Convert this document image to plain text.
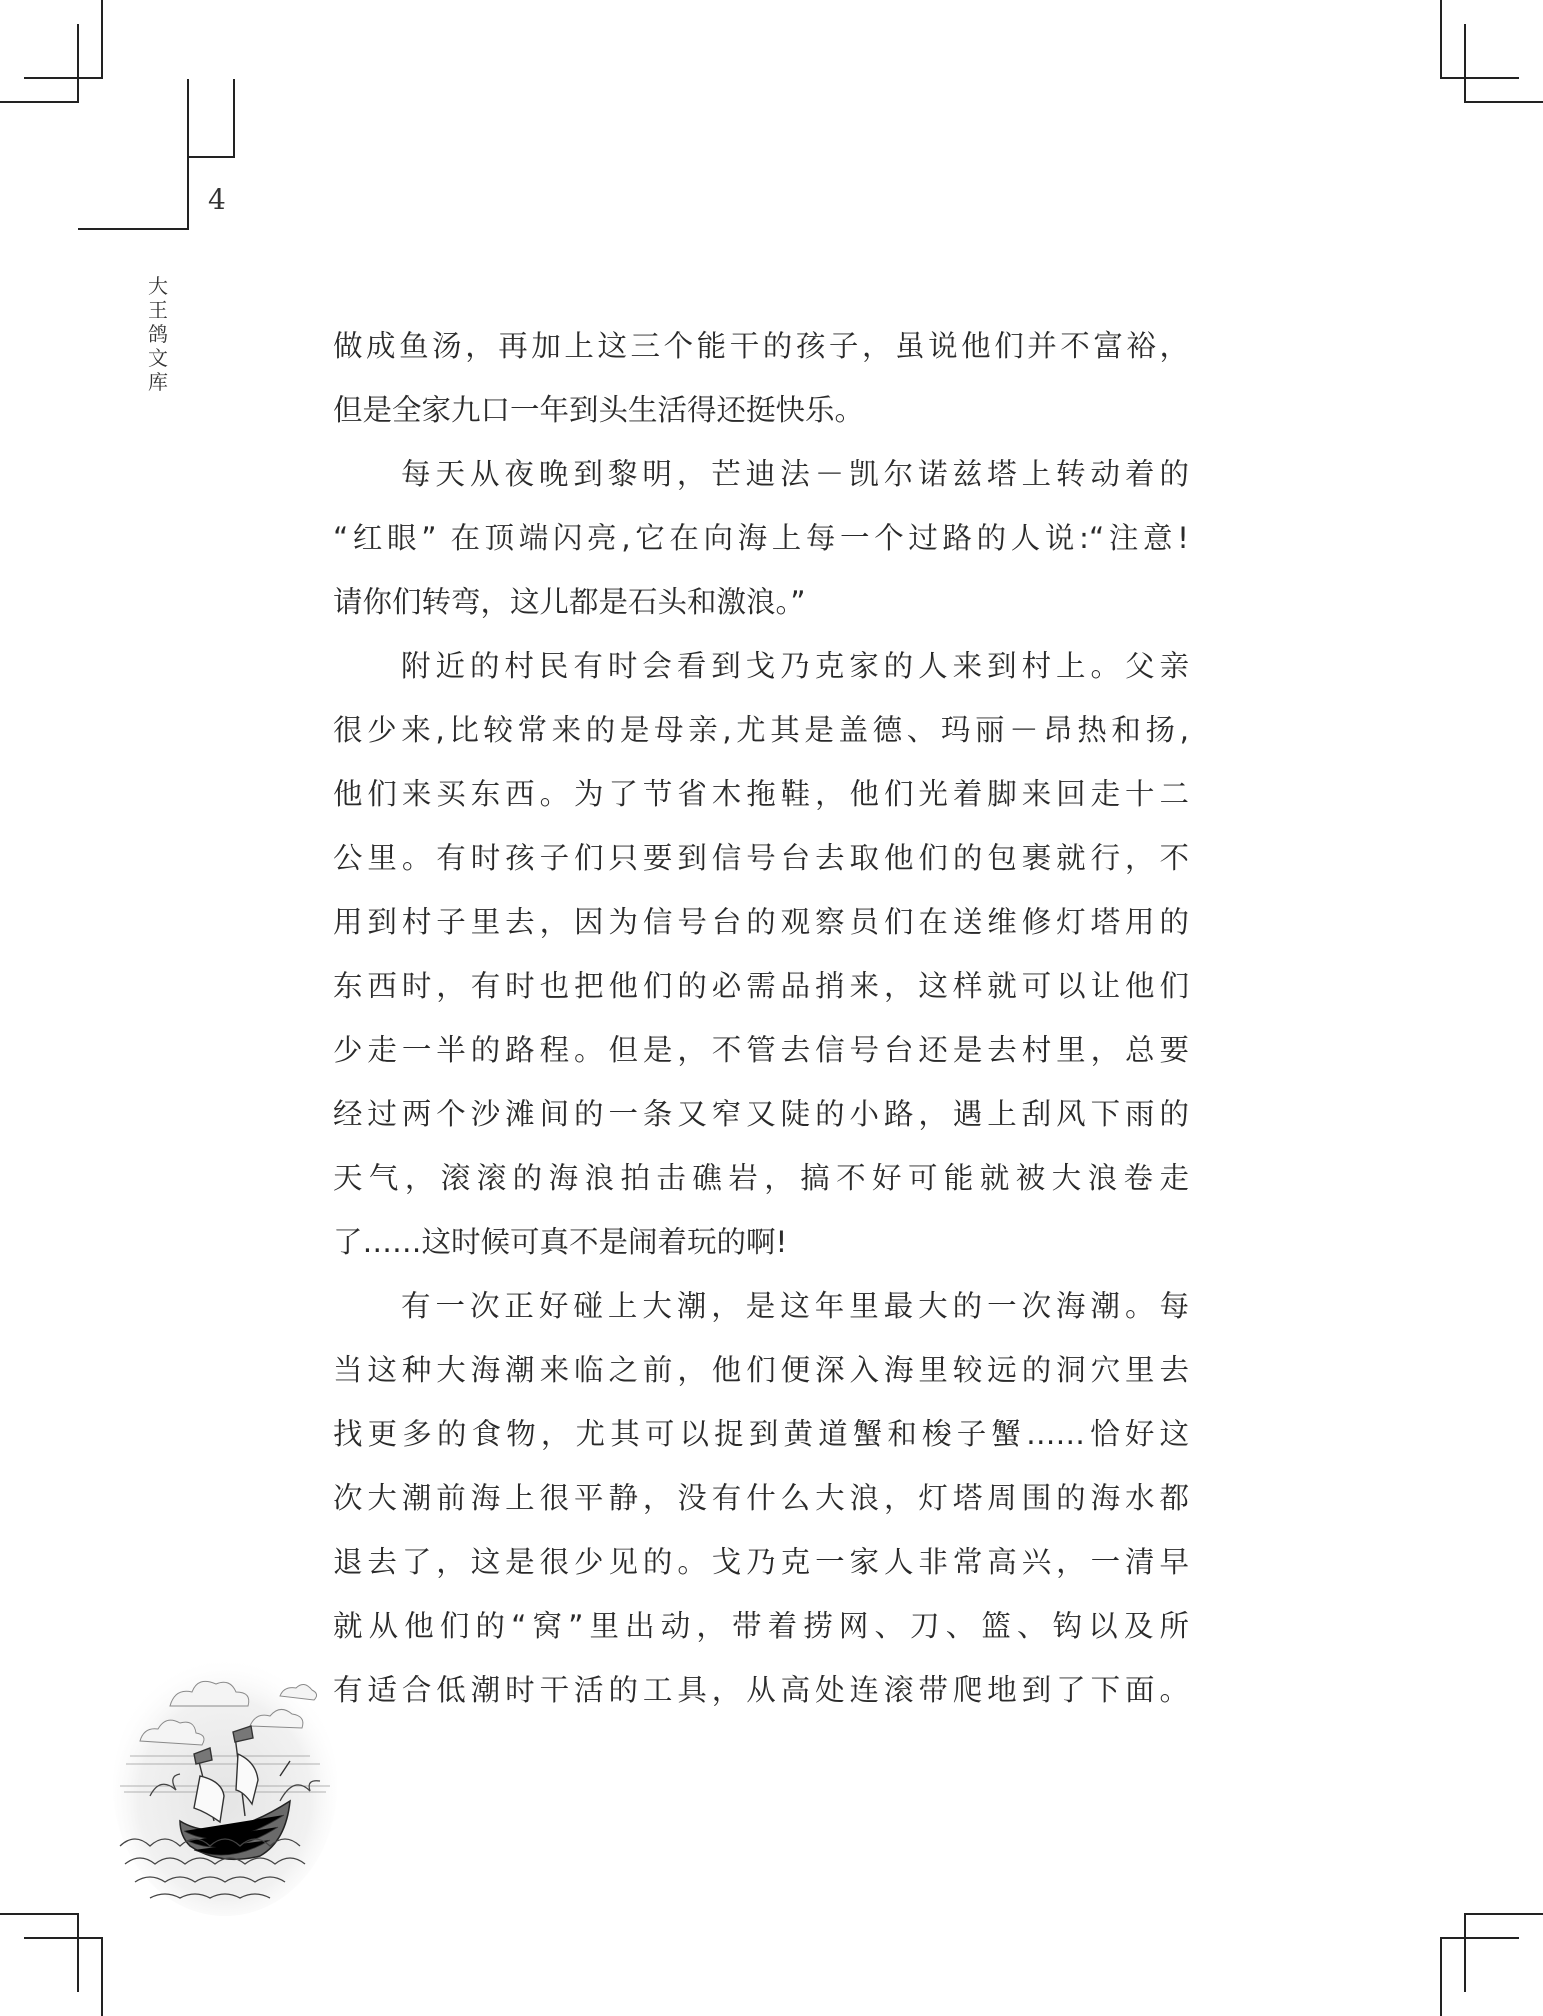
4
大
王
鸽
文
库
做成鱼汤，再加上这三个能干的孩子，虽说他们并不富裕，
但是全家九口一年到头生活得还挺快乐。
每天从夜晚到黎明，芒迪法－凯尔诺兹塔上转动着的
“红眼” 在顶端闪亮,它在向海上每一个过路的人说:“注意!
请你们转弯，这儿都是石头和激浪。”
附近的村民有时会看到戈乃克家的人来到村上。父亲
很少来,比较常来的是母亲,尤其是盖德、玛丽－昂热和扬,
他们来买东西。为了节省木拖鞋，他们光着脚来回走十二
公里。有时孩子们只要到信号台去取他们的包裹就行，不
用到村子里去，因为信号台的观察员们在送维修灯塔用的
东西时，有时也把他们的必需品捎来，这样就可以让他们
少走一半的路程。但是，不管去信号台还是去村里，总要
经过两个沙滩间的一条又窄又陡的小路，遇上刮风下雨的
天气，滚滚的海浪拍击礁岩，搞不好可能就被大浪卷走
了……这时候可真不是闹着玩的啊!
有一次正好碰上大潮，是这年里最大的一次海潮。每
当这种大海潮来临之前，他们便深入海里较远的洞穴里去
找更多的食物，尤其可以捉到黄道蟹和梭子蟹……恰好这
次大潮前海上很平静，没有什么大浪，灯塔周围的海水都
退去了，这是很少见的。戈乃克一家人非常高兴，一清早
就从他们的“窝”里出动，带着捞网、刀、篮、钩以及所
有适合低潮时干活的工具，从高处连滚带爬地到了下面。
